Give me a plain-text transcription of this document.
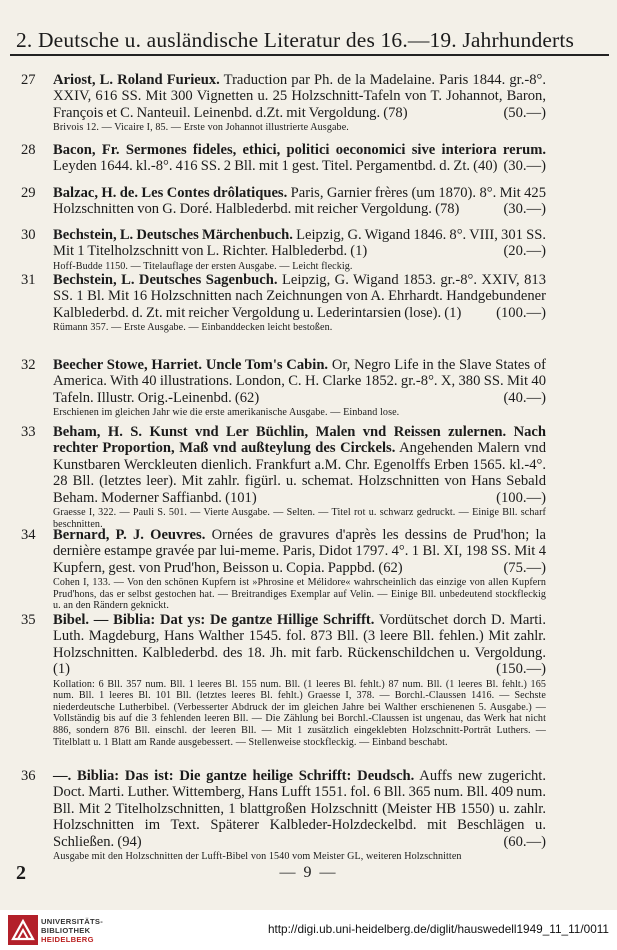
2. Deutsche u. ausländische Literatur des 16.—19. Jahrhunderts
27	Ariost, L. Roland Furieux. Traduction par Ph. de la Madelaine. Paris 1844. gr.-8°. XXIV, 616 SS. Mit 300 Vignetten u. 25 Holzschnitt-Tafeln von T. Johannot, Baron, François et C. Nanteuil. Leinenbd. d.Zt. mit Vergoldung. (78)	(50.—)

Brivois 12. — Vicaire I, 85. — Erste von Johannot illustrierte Ausgabe.

28	Bacon, Fr. Sermones fideles, ethici, politici oeconomici sive interiora rerum. Leyden 1644. kl.-8°. 416 SS. 2 Bll. mit 1 gest. Titel. Pergamentbd. d. Zt. (40) (30.—)

29	Balzac, H. de. Les Contes drôlatiques. Paris, Garnier frères (um 1870). 8°. Mit 425 Holzschnitten von G. Doré. Halblederbd. mit reicher Vergoldung. (78)	(30.—)

30	Bechstein, L. Deutsches Märchenbuch. Leipzig, G. Wigand 1846. 8°. VIII, 301 SS. Mit 1 Titelholzschnitt von L. Richter. Halblederbd. (1)	(20.—)

Hoff-Budde 1150. — Titelauflage der ersten Ausgabe. — Leicht fleckig.

31	Bechstein, L. Deutsches Sagenbuch. Leipzig, G. Wigand 1853. gr.-8°. XXIV, 813 SS. 1 Bl. Mit 16 Holzschnitten nach Zeichnungen von A. Ehrhardt. Handgebundener Kalblederbd. d. Zt. mit reicher Vergoldung u. Lederintarsien (lose). (1) (100.—)

Rümann 357. — Erste Ausgabe. — Einbanddecken leicht bestoßen.

32	Beecher Stowe, Harriet. Uncle Tom's Cabin. Or, Negro Life in the Slave States of America. With 40 illustrations. London, C. H. Clarke 1852. gr.-8°. X, 380 SS. Mit 40 Tafeln. Illustr. Orig.-Leinenbd. (62)	(40.—)

Erschienen im gleichen Jahr wie die erste amerikanische Ausgabe. — Einband lose.

33	Beham, H. S. Kunst vnd Ler Büchlin, Malen vnd Reissen zulernen. Nach rechter Proportion, Maß vnd außteylung des Circkels. Angehenden Malern vnd Kunstbaren Werckleuten dienlich. Frankfurt a.M. Chr. Egenolffs Erben 1565. kl.-4°. 28 Bll. (letztes leer). Mit zahlr. figürl. u. schemat. Holzschnitten von Hans Sebald Beham. Moderner Saffianbd. (101)	(100.—)

Graesse I, 322. — Pauli S. 501. — Vierte Ausgabe. — Selten. — Titel rot u. schwarz gedruckt. — Einige Bll. scharf beschnitten.

34	Bernard, P. J. Oeuvres. Ornées de gravures d'après les dessins de Prud'hon; la dernière estampe gravée par lui-meme. Paris, Didot 1797. 4°. 1 Bl. XI, 198 SS. Mit 4 Kupfern, gest. von Prud'hon, Beisson u. Copia. Pappbd. (62)	(75.—)

Cohen I, 133. — Von den schönen Kupfern ist »Phrosine et Mélidore« wahrscheinlich das einzige von allen Kupfern Prud'hons, das er selbst gestochen hat. — Breitrandiges Exemplar auf Velin. — Einige Bll. unbedeutend stockfleckig u. an den Rändern geknickt.

35	Bibel. — Biblia: Dat ys: De gantze Hillige Schrifft. Vordütschet dorch D. Marti. Luth. Magdeburg, Hans Walther 1545. fol. 873 Bll. (3 leere Bll. fehlen.) Mit zahlr. Holzschnitten. Kalblederbd. des 18. Jh. mit farb. Rückenschildchen u. Vergoldung. (1)	(150.—)

Kollation: 6 Bll. 357 num. Bll. 1 leeres Bl. 155 num. Bll. (1 leeres Bl. fehlt.) 87 num. Bll. (1 leeres Bl. fehlt.) 165 num. Bll. 1 leeres Bl. 101 Bll. (letztes leeres Bl. fehlt.) Graesse I, 378. — Borchl.-Claussen 1416. — Sechste niederdeutsche Lutherbibel. (Verbesserter Abdruck der im gleichen Jahre bei Walther erschienenen 5. Ausgabe.) — Vollständig bis auf die 3 fehlenden leeren Bll. — Die Zählung bei Borchl.-Claussen ist ungenau, das Werk hat nicht 886, sondern 876 Bll. einschl. der leeren Bll. — Mit 1 zusätzlich eingeklebten Holzschnitt-Porträt Luthers. — Titelblatt u. 1 Blatt am Rande ausgebessert. — Stellenweise stockfleckig. — Einband beschabt.

36	—. Biblia: Das ist: Die gantze heilige Schrifft: Deudsch. Auffs new zugericht. Doct. Marti. Luther. Wittemberg, Hans Lufft 1551. fol. 6 Bll. 365 num. Bll. 409 num. Bll. Mit 2 Titelholzschnitten, 1 blattgroßen Holzschnitt (Meister HB 1550) u. zahlr. Holzschnitten im Text. Späterer Kalbleder-Holzdeckelbd. mit Beschlägen u. Schließen. (94)	(60.—)

Ausgabe mit den Holzschnitten der Lufft-Bibel von 1540 vom Meister GL, weiteren Holzschnitten

2	— 9 —
UNIVERSITÄTS-
BIBLIOTHEK
HEIDELBERG
http://digi.ub.uni-heidelberg.de/diglit/hauswedell1949_11_11/0011
